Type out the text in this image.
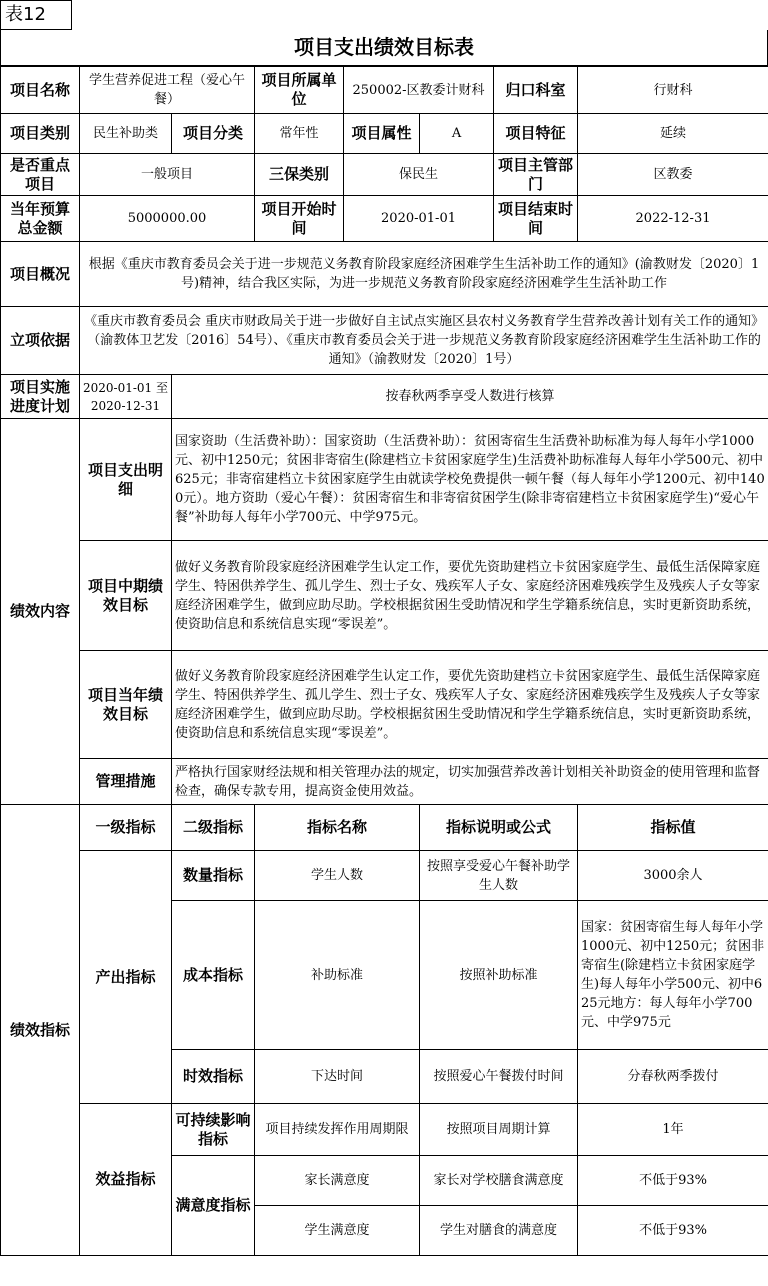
表12
项目支出绩效目标表
项目名称	学生营养促进工程（爱心午餐）		项目所属单位	250002-区教委计财科		归口科室	行财科
项目类别	民生补助类	项目分类	常年性	项目属性	A	项目特征	延续
是否重点项目	一般项目		三保类别	保民生		项目主管部门	区教委
当年预算总金额	5000000.00		项目开始时间	2020-01-01		项目结束时间	2022-12-31
项目概况	根据《重庆市教育委员会关于进一步规范义务教育阶段家庭经济困难学生生活补助工作的通知》(渝教财发〔2020〕1号)精神，结合我区实际，为进一步规范义务教育阶段家庭经济困难学生生活补助工作						
立项依据	《重庆市教育委员会 重庆市财政局关于进一步做好自主试点实施区县农村义务教育学生营养改善计划有关工作的通知》（渝教体卫艺发〔2016〕54号）、《重庆市教育委员会关于进一步规范义务教育阶段家庭经济困难学生生活补助工作的通知》（渝教财发〔2020〕1号）						
项目实施进度计划	2020-01-01 至 2020-12-31	按春秋两季享受人数进行核算					
绩效内容	项目支出明细	国家资助（生活费补助）：国家资助（生活费补助）：贫困寄宿生生活费补助标准为每人每年小学1000元、初中1250元；贫困非寄宿生(除建档立卡贫困家庭学生)生活费补助标准每人每年小学500元、初中625元；非寄宿建档立卡贫困家庭学生由就读学校免费提供一顿午餐（每人每年小学1200元、初中1400元）。地方资助（爱心午餐）：贫困寄宿生和非寄宿贫困学生(除非寄宿建档立卡贫困家庭学生)“爱心午餐”补助每人每年小学700元、中学975元。					
	项目中期绩效目标	做好义务教育阶段家庭经济困难学生认定工作，要优先资助建档立卡贫困家庭学生、最低生活保障家庭学生、特困供养学生、孤儿学生、烈士子女、残疾军人子女、家庭经济困难残疾学生及残疾人子女等家庭经济困难学生，做到应助尽助。学校根据贫困生受助情况和学生学籍系统信息，实时更新资助系统，使资助信息和系统信息实现“零误差”。					
	项目当年绩效目标	做好义务教育阶段家庭经济困难学生认定工作，要优先资助建档立卡贫困家庭学生、最低生活保障家庭学生、特困供养学生、孤儿学生、烈士子女、残疾军人子女、家庭经济困难残疾学生及残疾人子女等家庭经济困难学生，做到应助尽助。学校根据贫困生受助情况和学生学籍系统信息，实时更新资助系统，使资助信息和系统信息实现“零误差”。					
	管理措施	严格执行国家财经法规和相关管理办法的规定，切实加强营养改善计划相关补助资金的使用管理和监督检查，确保专款专用，提高资金使用效益。					
绩效指标	一级指标	二级指标	指标名称		指标说明或公式		指标值
	产出指标	数量指标	学生人数		按照享受爱心午餐补助学生人数		3000余人
		成本指标	补助标准		按照补助标准		国家：贫困寄宿生每人每年小学1000元、初中1250元；贫困非寄宿生(除建档立卡贫困家庭学生)每人每年小学500元、初中625元地方：每人每年小学700元、中学975元
		时效指标	下达时间		按照爱心午餐拨付时间		分春秋两季拨付
	效益指标	可持续影响指标	项目持续发挥作用周期限		按照项目周期计算		1年
		满意度指标	家长满意度		家长对学校膳食满意度		不低于93%
			学生满意度		学生对膳食的满意度		不低于93%
